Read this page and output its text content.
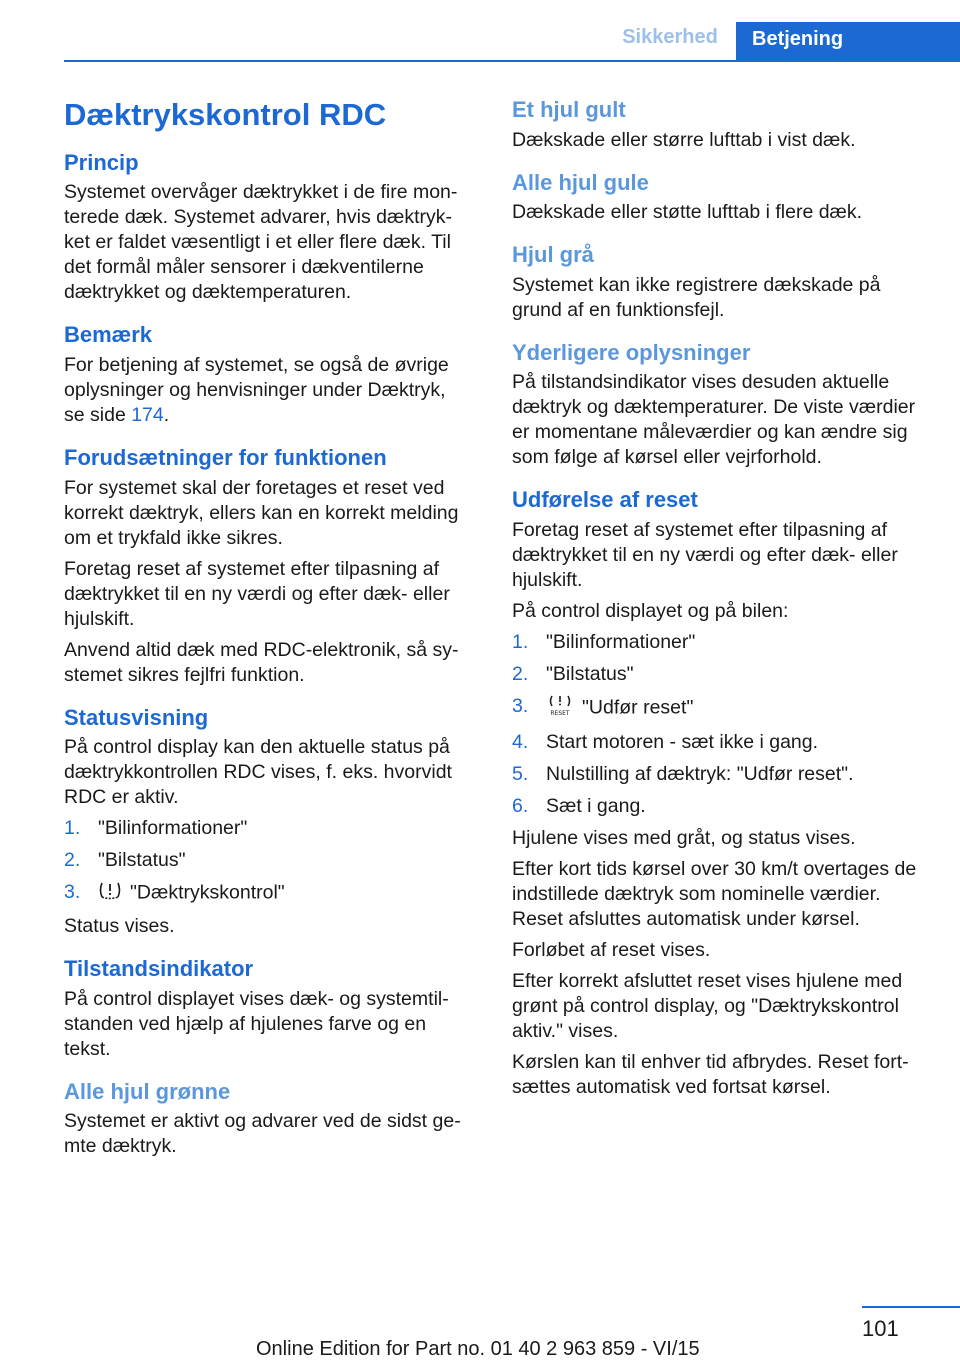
Sikkerhed	Betjening
Dæktrykskontrol RDC
Princip

Systemet overvåger dæktrykket i de fire monterede dæk. Systemet advarer, hvis dæktrykket er faldet væsentligt i et eller flere dæk. Til det formål måler sensorer i dækventilerne dæktrykket og dæktemperaturen.

Bemærk

For betjening af systemet, se også de øvrige oplysninger og henvisninger under Dæktryk, se side 174.

Forudsætninger for funktionen

For systemet skal der foretages et reset ved korrekt dæktryk, ellers kan en korrekt melding om et trykfald ikke sikres.

Foretag reset af systemet efter tilpasning af dæktrykket til en ny værdi og efter dæk- eller hjulskift.

Anvend altid dæk med RDC-elektronik, så systemet sikres fejlfri funktion.

Statusvisning

På control display kan den aktuelle status på dæktrykkontrollen RDC vises, f. eks. hvorvidt RDC er aktiv.

1. "Bilinformationer"
2. "Bilstatus"
3.	"Dæktrykskontrol"

Status vises.

Tilstandsindikator

På control displayet vises dæk- og systemtilstanden ved hjælp af hjulenes farve og en tekst.

Alle hjul grønne

Systemet er aktivt og advarer ved de sidst gemte dæktryk.

Et hjul gult

Dækskade eller større lufttab i vist dæk.

Alle hjul gule

Dækskade eller støtte lufttab i flere dæk.

Hjul grå

Systemet kan ikke registrere dækskade på grund af en funktionsfejl.

Yderligere oplysninger

På tilstandsindikator vises desuden aktuelle dæktryk og dæktemperaturer. De viste værdier er momentane måleværdier og kan ændre sig som følge af kørsel eller vejrforhold.

Udførelse af reset

Foretag reset af systemet efter tilpasning af dæktrykket til en ny værdi og efter dæk- eller hjulskift.

På control displayet og på bilen:

1. "Bilinformationer"
2. "Bilstatus"
3.	RESET "Udfør reset"
4. Start motoren - sæt ikke i gang.
5. Nulstilling af dæktryk: "Udfør reset".
6. Sæt i gang.

Hjulene vises med gråt, og status vises.

Efter kort tids kørsel over 30 km/t overtages de indstillede dæktryk som nominelle værdier. Reset afsluttes automatisk under kørsel.

Forløbet af reset vises.

Efter korrekt afsluttet reset vises hjulene med grønt på control display, og "Dæktrykskontrol aktiv." vises.

Kørslen kan til enhver tid afbrydes. Reset fortsættes automatisk ved fortsat kørsel.

101
Online Edition for Part no. 01 40 2 963 859 - VI/15
